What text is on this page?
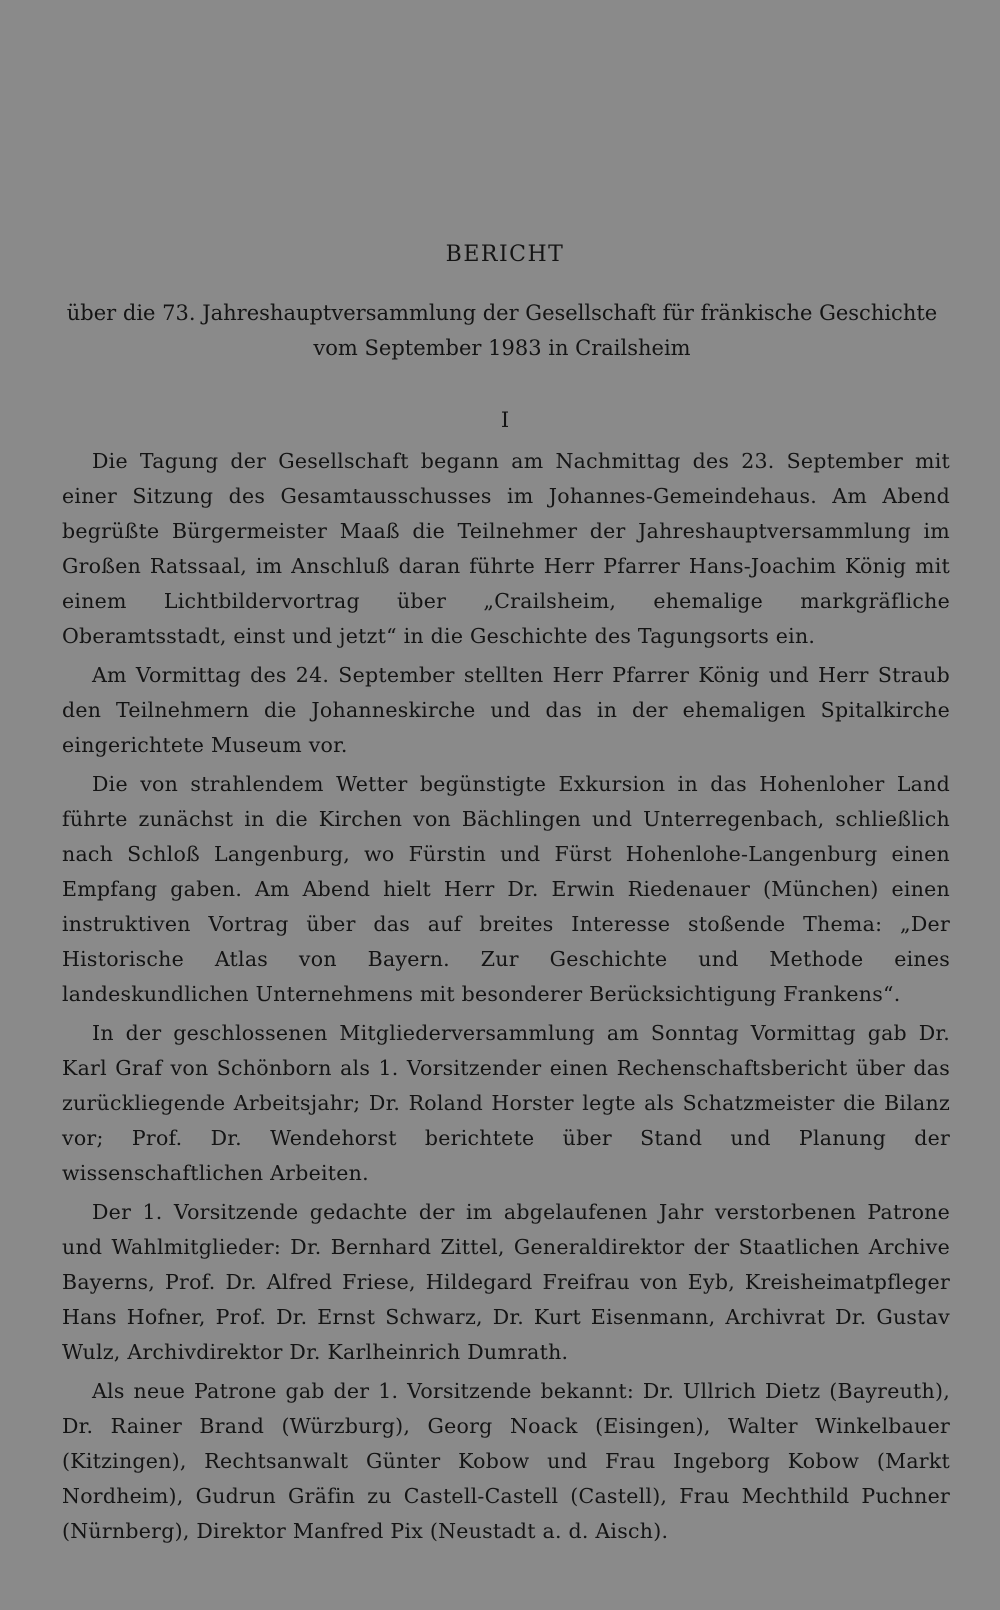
BERICHT
über die 73. Jahreshauptversammlung der Gesellschaft für fränkische Geschichte vom September 1983 in Crailsheim
I

Die Tagung der Gesellschaft begann am Nachmittag des 23. September mit einer Sitzung des Gesamtausschusses im Johannes-Gemeindehaus. Am Abend begrüßte Bürgermeister Maaß die Teilnehmer der Jahreshauptversammlung im Großen Ratssaal, im Anschluß daran führte Herr Pfarrer Hans-Joachim König mit einem Lichtbildervortrag über „Crailsheim, ehemalige markgräfliche Oberamtsstadt, einst und jetzt“ in die Geschichte des Tagungsorts ein.

Am Vormittag des 24. September stellten Herr Pfarrer König und Herr Straub den Teilnehmern die Johanneskirche und das in der ehemaligen Spitalkirche eingerichtete Museum vor.

Die von strahlendem Wetter begünstigte Exkursion in das Hohenloher Land führte zunächst in die Kirchen von Bächlingen und Unterregenbach, schließlich nach Schloß Langenburg, wo Fürstin und Fürst Hohenlohe-Langenburg einen Empfang gaben. Am Abend hielt Herr Dr. Erwin Riedenauer (München) einen instruktiven Vortrag über das auf breites Interesse stoßende Thema: „Der Historische Atlas von Bayern. Zur Geschichte und Methode eines landeskundlichen Unternehmens mit besonderer Berücksichtigung Frankens“.

In der geschlossenen Mitgliederversammlung am Sonntag Vormittag gab Dr. Karl Graf von Schönborn als 1. Vorsitzender einen Rechenschaftsbericht über das zurückliegende Arbeitsjahr; Dr. Roland Horster legte als Schatzmeister die Bilanz vor; Prof. Dr. Wendehorst berichtete über Stand und Planung der wissenschaftlichen Arbeiten.

Der 1. Vorsitzende gedachte der im abgelaufenen Jahr verstorbenen Patrone und Wahlmitglieder: Dr. Bernhard Zittel, Generaldirektor der Staatlichen Archive Bayerns, Prof. Dr. Alfred Friese, Hildegard Freifrau von Eyb, Kreisheimatpfleger Hans Hofner, Prof. Dr. Ernst Schwarz, Dr. Kurt Eisenmann, Archivrat Dr. Gustav Wulz, Archivdirektor Dr. Karlheinrich Dumrath.

Als neue Patrone gab der 1. Vorsitzende bekannt: Dr. Ullrich Dietz (Bayreuth), Dr. Rainer Brand (Würzburg), Georg Noack (Eisingen), Walter Winkelbauer (Kitzingen), Rechtsanwalt Günter Kobow und Frau Ingeborg Kobow (Markt Nordheim), Gudrun Gräfin zu Castell-Castell (Castell), Frau Mechthild Puchner (Nürnberg), Direktor Manfred Pix (Neustadt a. d. Aisch).
